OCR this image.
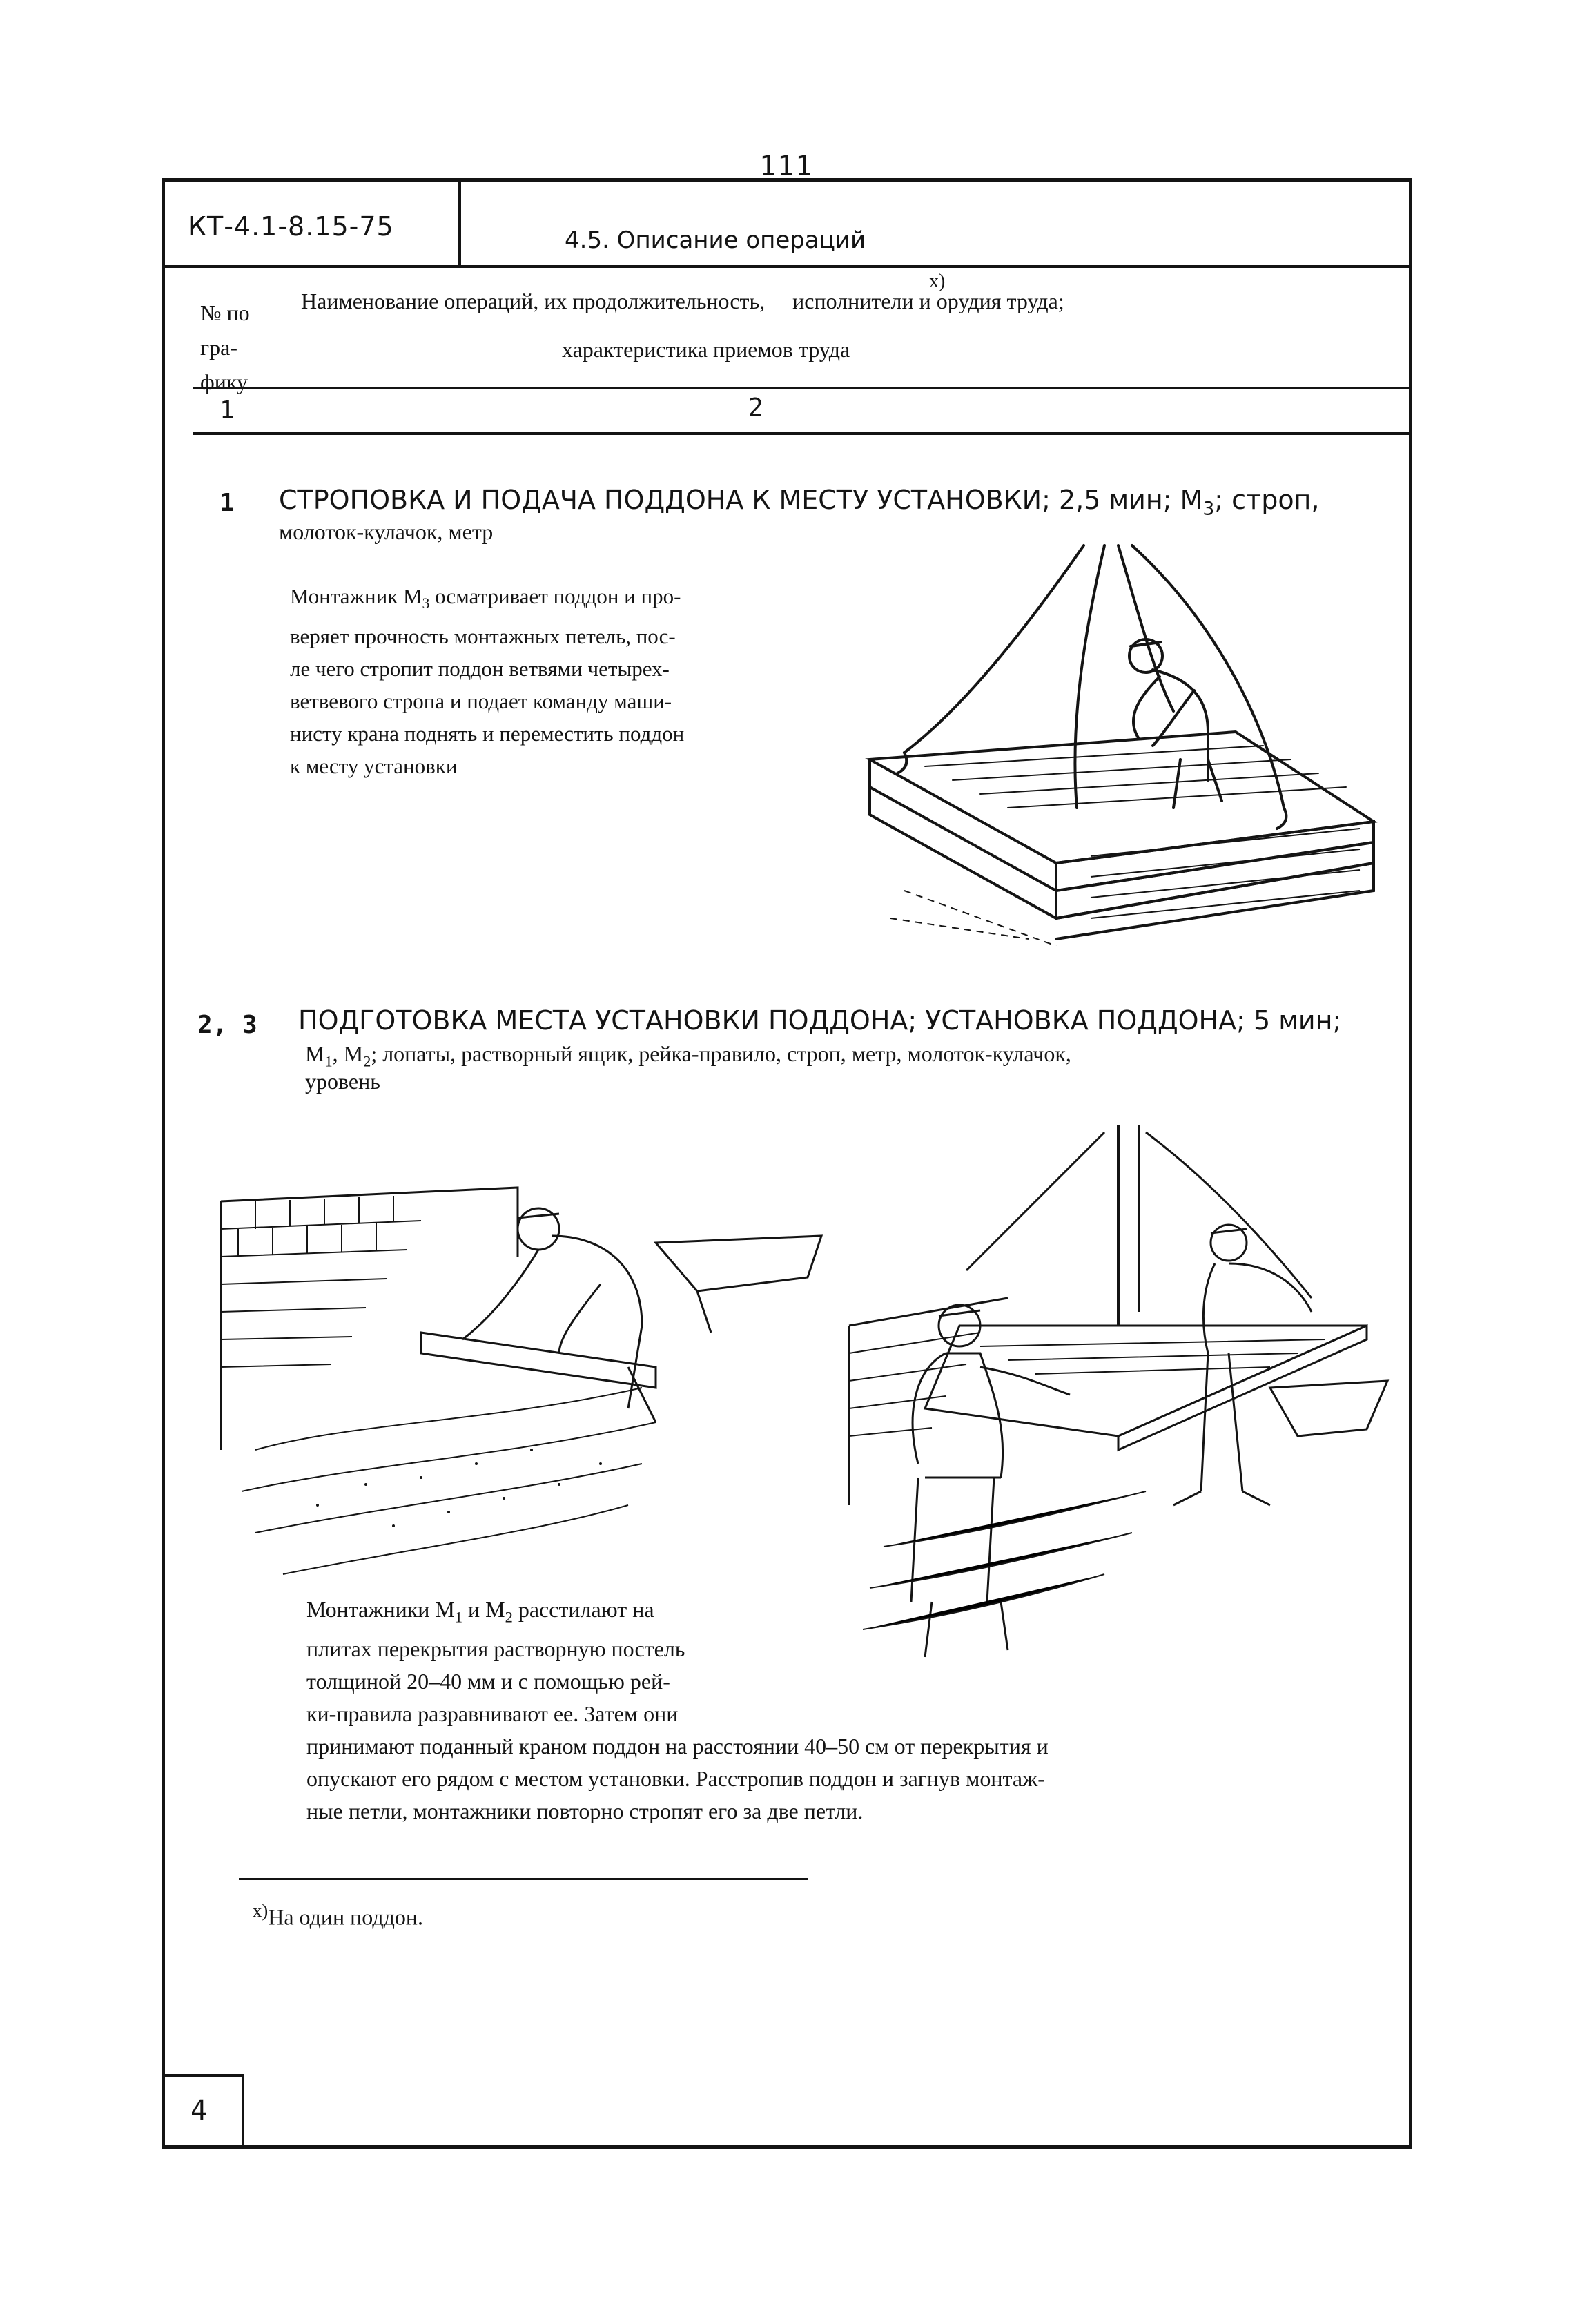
111
КТ-4.1-8.15-75	4.5. Описание операций
№ по
гра-
фику
Наименование операций, их продолжительность, исполнители и орудия труда;
х)
характеристика приемов труда
1	2
1 СТРОПОВКА И ПОДАЧА ПОДДОНА К МЕСТУ УСТАНОВКИ; 2,5 мин; $М_3$; строп,
молоток-кулачок, метр
Монтажник $М_3$ осматривает поддон и про-
веряет прочность монтажных петель, пос-
ле чего стропит поддон ветвями четырех-
ветвевого стропа и подает команду маши-
нисту крана поднять и переместить поддон
к месту установки
2, 3 ПОДГОТОВКА МЕСТА УСТАНОВКИ ПОДДОНА; УСТАНОВКА ПОДДОНА; 5 мин;
$М_1$, $М_2$; лопаты, растворный ящик, рейка-правило, строп, метр, молоток-кулачок,
уровень
Монтажники $М_1$ и $М_2$ расстилают на
плитах перекрытия растворную постель
толщиной 20–40 мм и с помощью рей-
ки-правила разравнивают ее. Затем они
принимают поданный краном поддон на расстоянии 40–50 см от перекрытия и
опускают его рядом с местом установки. Расстропив поддон и загнув монтаж-
ные петли, монтажники повторно стропят его за две петли.
$^{х)}$На один поддон.
4
